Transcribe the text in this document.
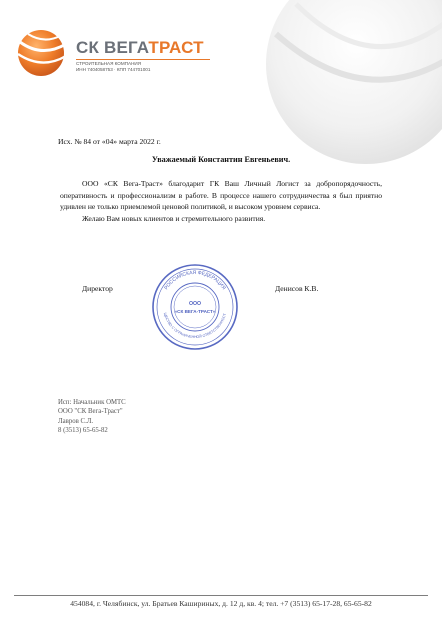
СК ВЕГАТРАСТ
СТРОИТЕЛЬНАЯ КОМПАНИЯ
ИНН 7404058753 · КПП 744701001
Исх. № 84 от «04» марта 2022 г.
Уважаемый Константин Евгеньевич.

ООО «СК Вега-Траст» благодарит ГК Ваш Личный Логист за добропорядочность, оперативность и профессионализм в работе. В процессе нашего сотрудничества я был приятно удивлен не только приемлемой ценовой политикой, и высоком уровнем сервиса.

Желаю Вам новых клиентов и стремительного развития.

Директор	Денисов К.В.
РОССИЙСКАЯ ФЕДЕРАЦИЯ
ЩЕСТВО С ОГРАНИЧЕННОЙ ОТВЕТСТВЕННОСТ
ООО
«СК ВЕГА-ТРАСТ»
Исп: Начальник ОМТС
ООО "СК Вега-Траст"
Лавров С.Л.
8 (3513) 65-65-82
454084, г. Челябинск, ул. Братьев Кашириных, д. 12 д, кв. 4; тел. +7 (3513) 65-17-28, 65-65-82
